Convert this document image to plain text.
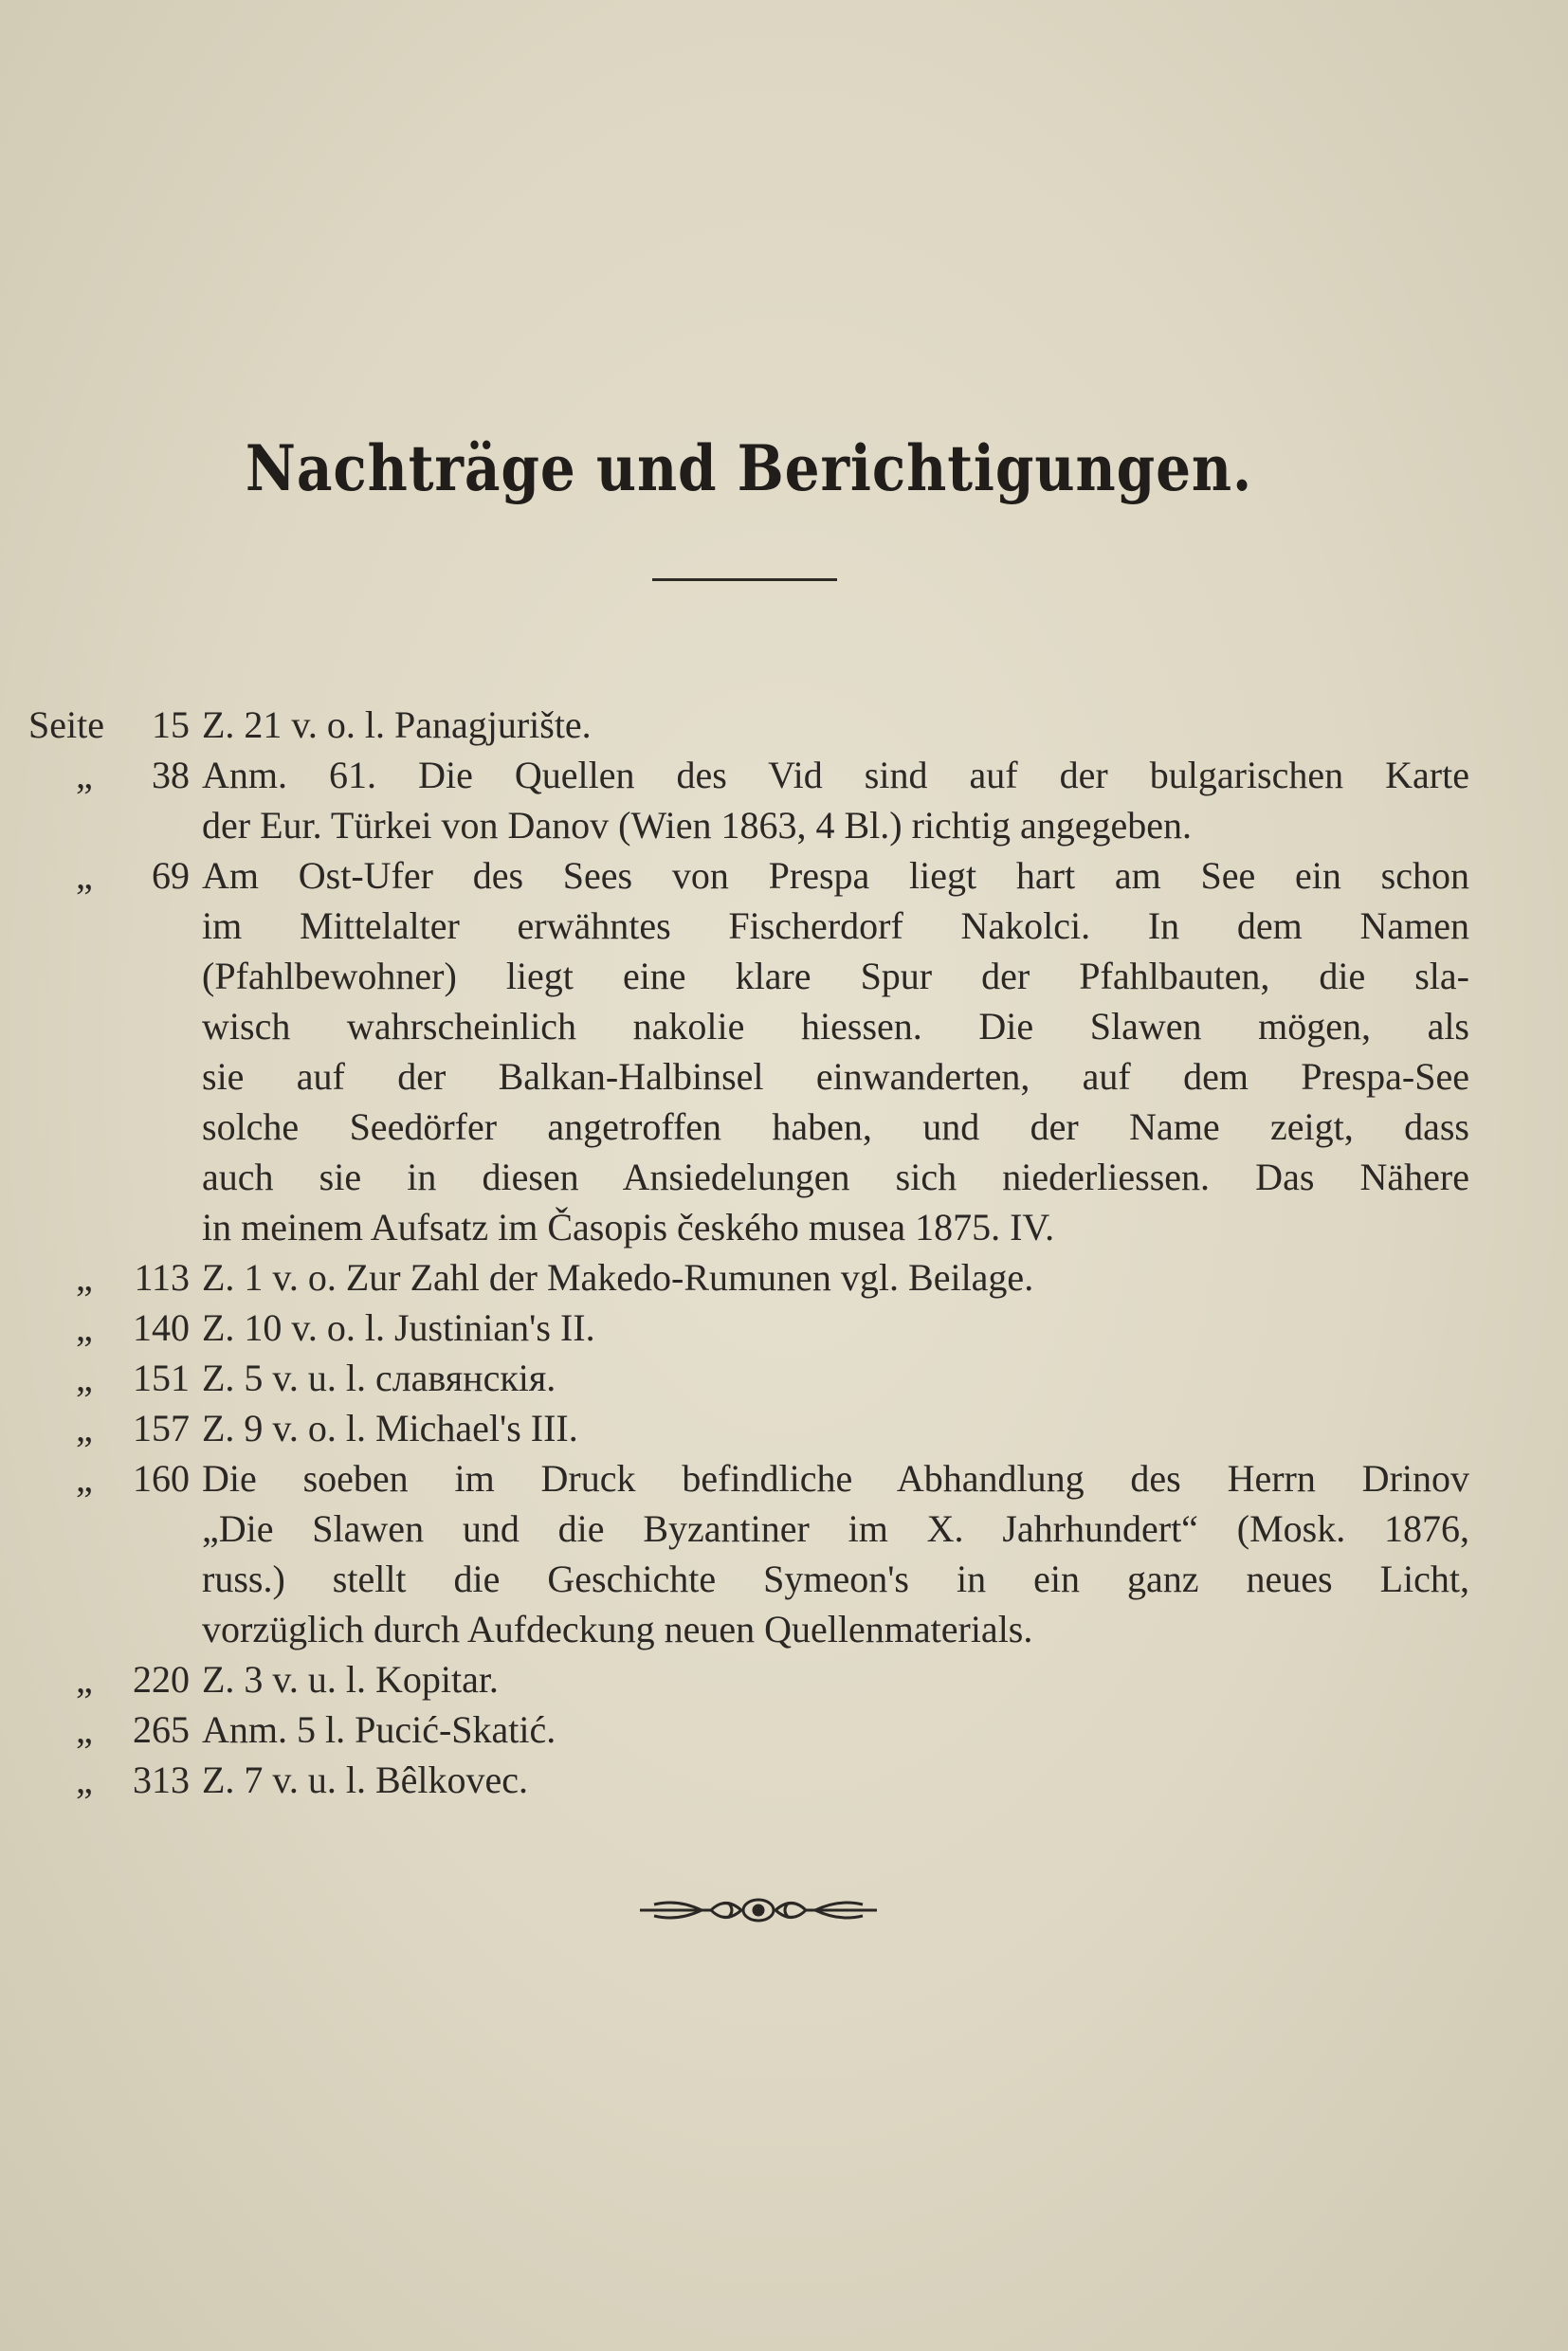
Nachträge und Berichtigungen.
Seite 15 Z. 21 v. o. l. Panagjurište.
„ 38 Anm. 61. Die Quellen des Vid sind auf der bulgarischen Karte
der Eur. Türkei von Danov (Wien 1863, 4 Bl.) richtig angegeben.
„ 69 Am Ost-Ufer des Sees von Prespa liegt hart am See ein schon
im Mittelalter erwähntes Fischerdorf Nakolci. In dem Namen
(Pfahlbewohner) liegt eine klare Spur der Pfahlbauten, die sla-
wisch wahrscheinlich nakolie hiessen. Die Slawen mögen, als
sie auf der Balkan-Halbinsel einwanderten, auf dem Prespa-See
solche Seedörfer angetroffen haben, und der Name zeigt, dass
auch sie in diesen Ansiedelungen sich niederliessen. Das Nähere
in meinem Aufsatz im Časopis českého musea 1875. IV.
„ 113 Z. 1 v. o. Zur Zahl der Makedo-Rumunen vgl. Beilage.
„ 140 Z. 10 v. o. l. Justinian's II.
„ 151 Z. 5 v. u. l. славянскія.
„ 157 Z. 9 v. o. l. Michael's III.
„ 160 Die soeben im Druck befindliche Abhandlung des Herrn Drinov
„Die Slawen und die Byzantiner im X. Jahrhundert“ (Mosk. 1876,
russ.) stellt die Geschichte Symeon's in ein ganz neues Licht,
vorzüglich durch Aufdeckung neuen Quellenmaterials.
„ 220 Z. 3 v. u. l. Kopitar.
„ 265 Anm. 5 l. Pucić-Skatić.
„ 313 Z. 7 v. u. l. Bêlkovec.
